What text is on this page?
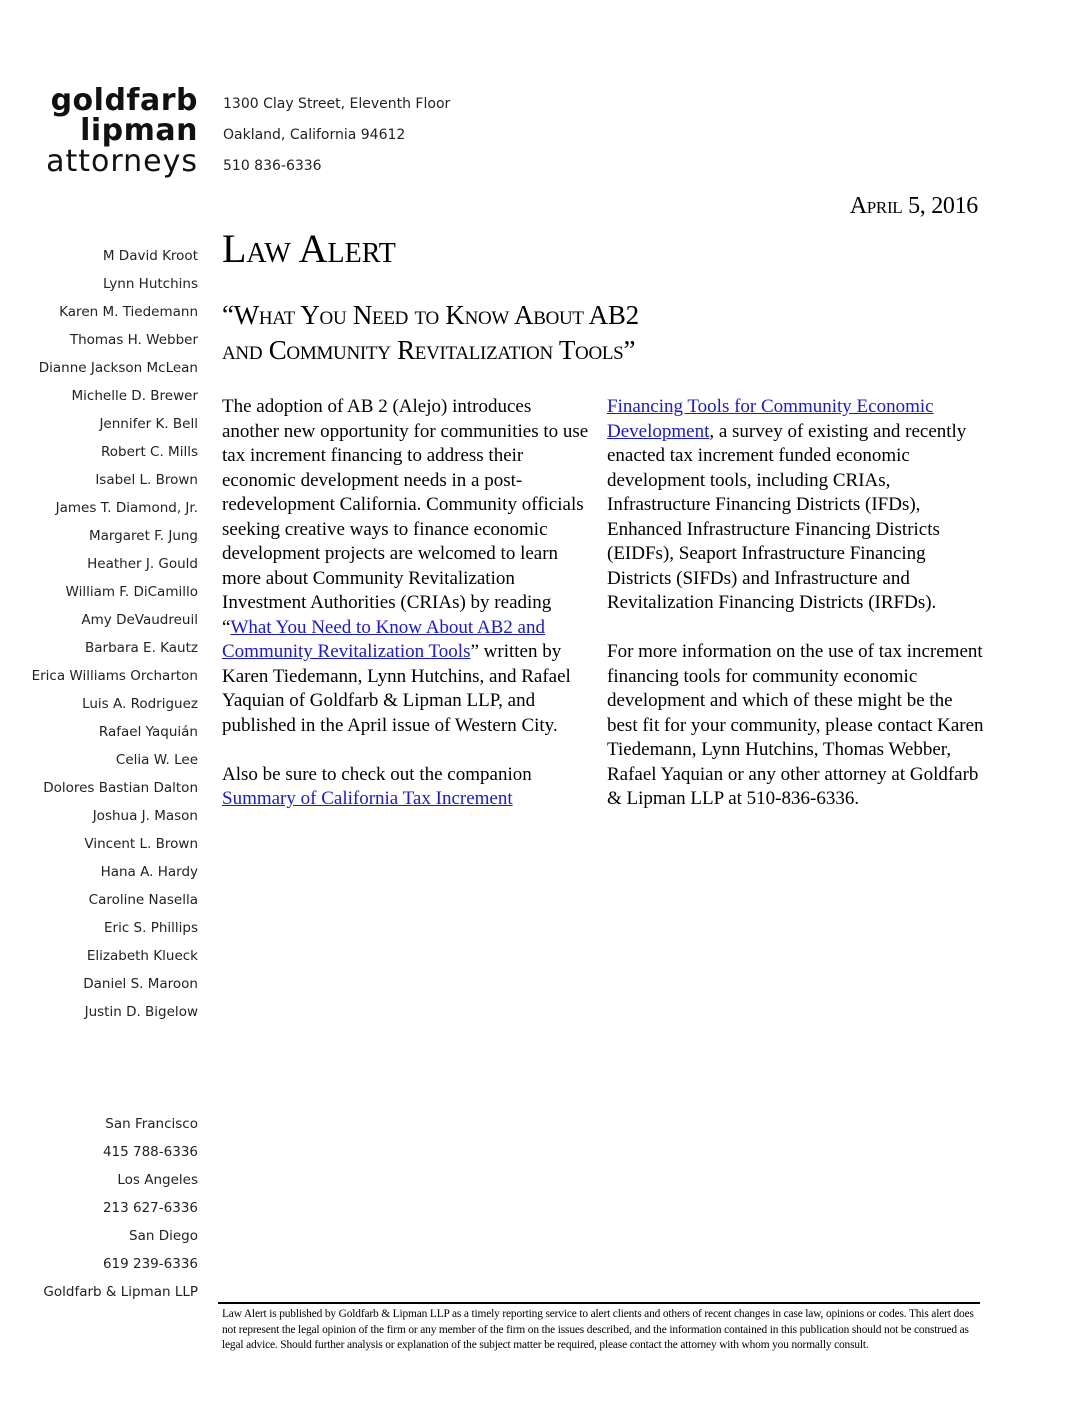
goldfarb
lipman
attorneys
1300 Clay Street, Eleventh Floor
Oakland, California 94612
510 836-6336
April 5, 2016
Law Alert
“What You Need to Know About AB2
and Community Revitalization Tools”
M David Kroot
Lynn Hutchins
Karen M. Tiedemann
Thomas H. Webber
Dianne Jackson McLean
Michelle D. Brewer
Jennifer K. Bell
Robert C. Mills
Isabel L. Brown
James T. Diamond, Jr.
Margaret F. Jung
Heather J. Gould
William F. DiCamillo
Amy DeVaudreuil
Barbara E. Kautz
Erica Williams Orcharton
Luis A. Rodriguez
Rafael Yaquián
Celia W. Lee
Dolores Bastian Dalton
Joshua J. Mason
Vincent L. Brown
Hana A. Hardy
Caroline Nasella
Eric S. Phillips
Elizabeth Klueck
Daniel S. Maroon
Justin D. Bigelow
San Francisco
415 788-6336
Los Angeles
213 627-6336
San Diego
619 239-6336
Goldfarb & Lipman LLP

The adoption of AB 2 (Alejo) introduces another new opportunity for communities to use tax increment financing to address their economic development needs in a post-redevelopment California. Community officials seeking creative ways to finance economic development projects are welcomed to learn more about Community Revitalization Investment Authorities (CRIAs) by reading “What You Need to Know About AB2 and Community Revitalization Tools” written by Karen Tiedemann, Lynn Hutchins, and Rafael Yaquian of Goldfarb & Lipman LLP, and published in the April issue of Western City.

Also be sure to check out the companion Summary of California Tax Increment

Financing Tools for Community Economic Development, a survey of existing and recently enacted tax increment funded economic development tools, including CRIAs, Infrastructure Financing Districts (IFDs), Enhanced Infrastructure Financing Districts (EIDFs), Seaport Infrastructure Financing Districts (SIFDs) and Infrastructure and Revitalization Financing Districts (IRFDs).

For more information on the use of tax increment financing tools for community economic development and which of these might be the best fit for your community, please contact Karen Tiedemann, Lynn Hutchins, Thomas Webber, Rafael Yaquian or any other attorney at Goldfarb & Lipman LLP at 510-836-6336.

Law Alert is published by Goldfarb & Lipman LLP as a timely reporting service to alert clients and others of recent changes in case law, opinions or codes. This alert does not represent the legal opinion of the firm or any member of the firm on the issues described, and the information contained in this publication should not be construed as legal advice. Should further analysis or explanation of the subject matter be required, please contact the attorney with whom you normally consult.
